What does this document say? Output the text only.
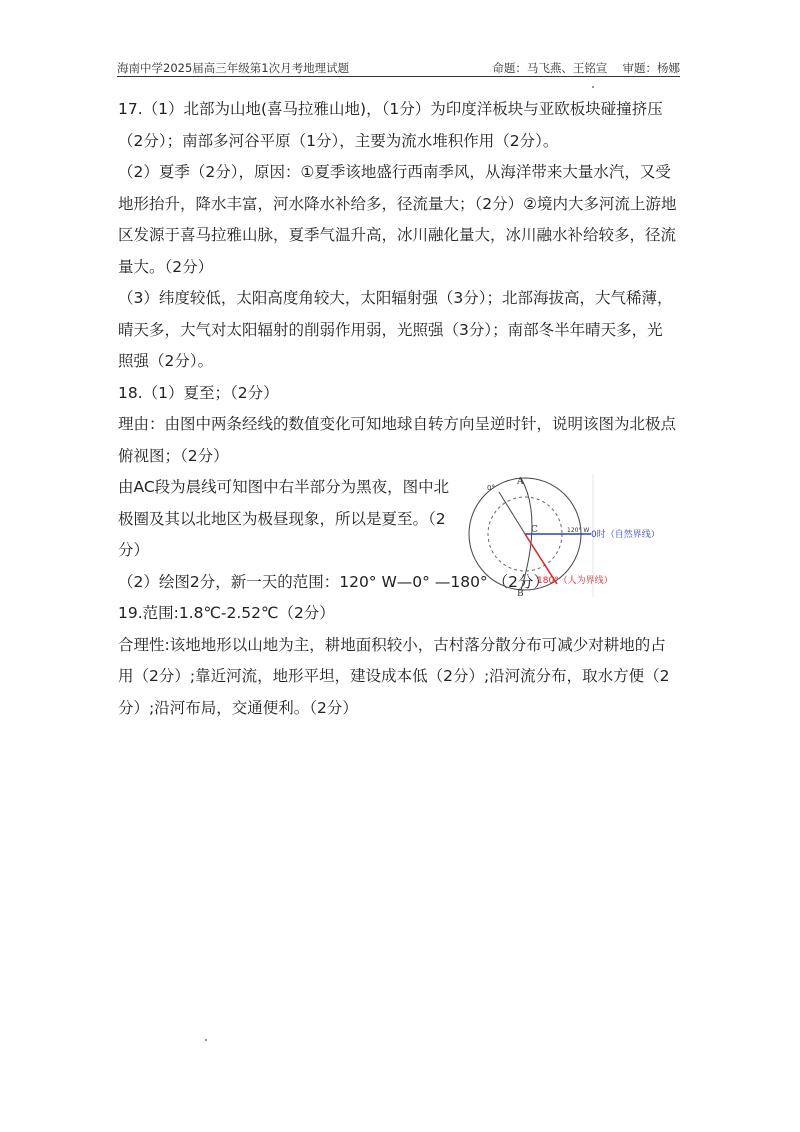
海南中学2025届高三年级第1次月考地理试题	命题：马飞燕、王铭宣　 审题：杨娜

17.（1）北部为山地(喜马拉雅山地)，（1分）为印度洋板块与亚欧板块碰撞挤压（2分）；南部多河谷平原（1分），主要为流水堆积作用（2分）。

（2）夏季（2分），原因：①夏季该地盛行西南季风，从海洋带来大量水汽，又受地形抬升，降水丰富，河水降水补给多，径流量大；（2分）②境内大多河流上游地区发源于喜马拉雅山脉，夏季气温升高，冰川融化量大，冰川融水补给较多，径流量大。（2分）

（3）纬度较低，太阳高度角较大，太阳辐射强（3分）；北部海拔高，大气稀薄，晴天多，大气对太阳辐射的削弱作用弱，光照强（3分）；南部冬半年晴天多，光照强（2分）。

18.（1）夏至；（2分）

理由：由图中两条经线的数值变化可知地球自转方向呈逆时针，说明该图为北极点俯视图；（2分）

由AC段为晨线可知图中右半部分为黑夜，图中北极圈及其以北地区为极昼现象，所以是夏至。（2分）

A
B
C
0°
120° W 0时（自然界线）
180°（人为界线）

（2）绘图2分，新一天的范围：120° W—0° —180° （2分）

19.范围:1.8℃-2.52℃（2分）

合理性:该地地形以山地为主，耕地面积较小，古村落分散分布可减少对耕地的占用（2分）;靠近河流，地形平坦，建设成本低（2分）;沿河流分布，取水方便（2分）;沿河布局，交通便利。（2分）
